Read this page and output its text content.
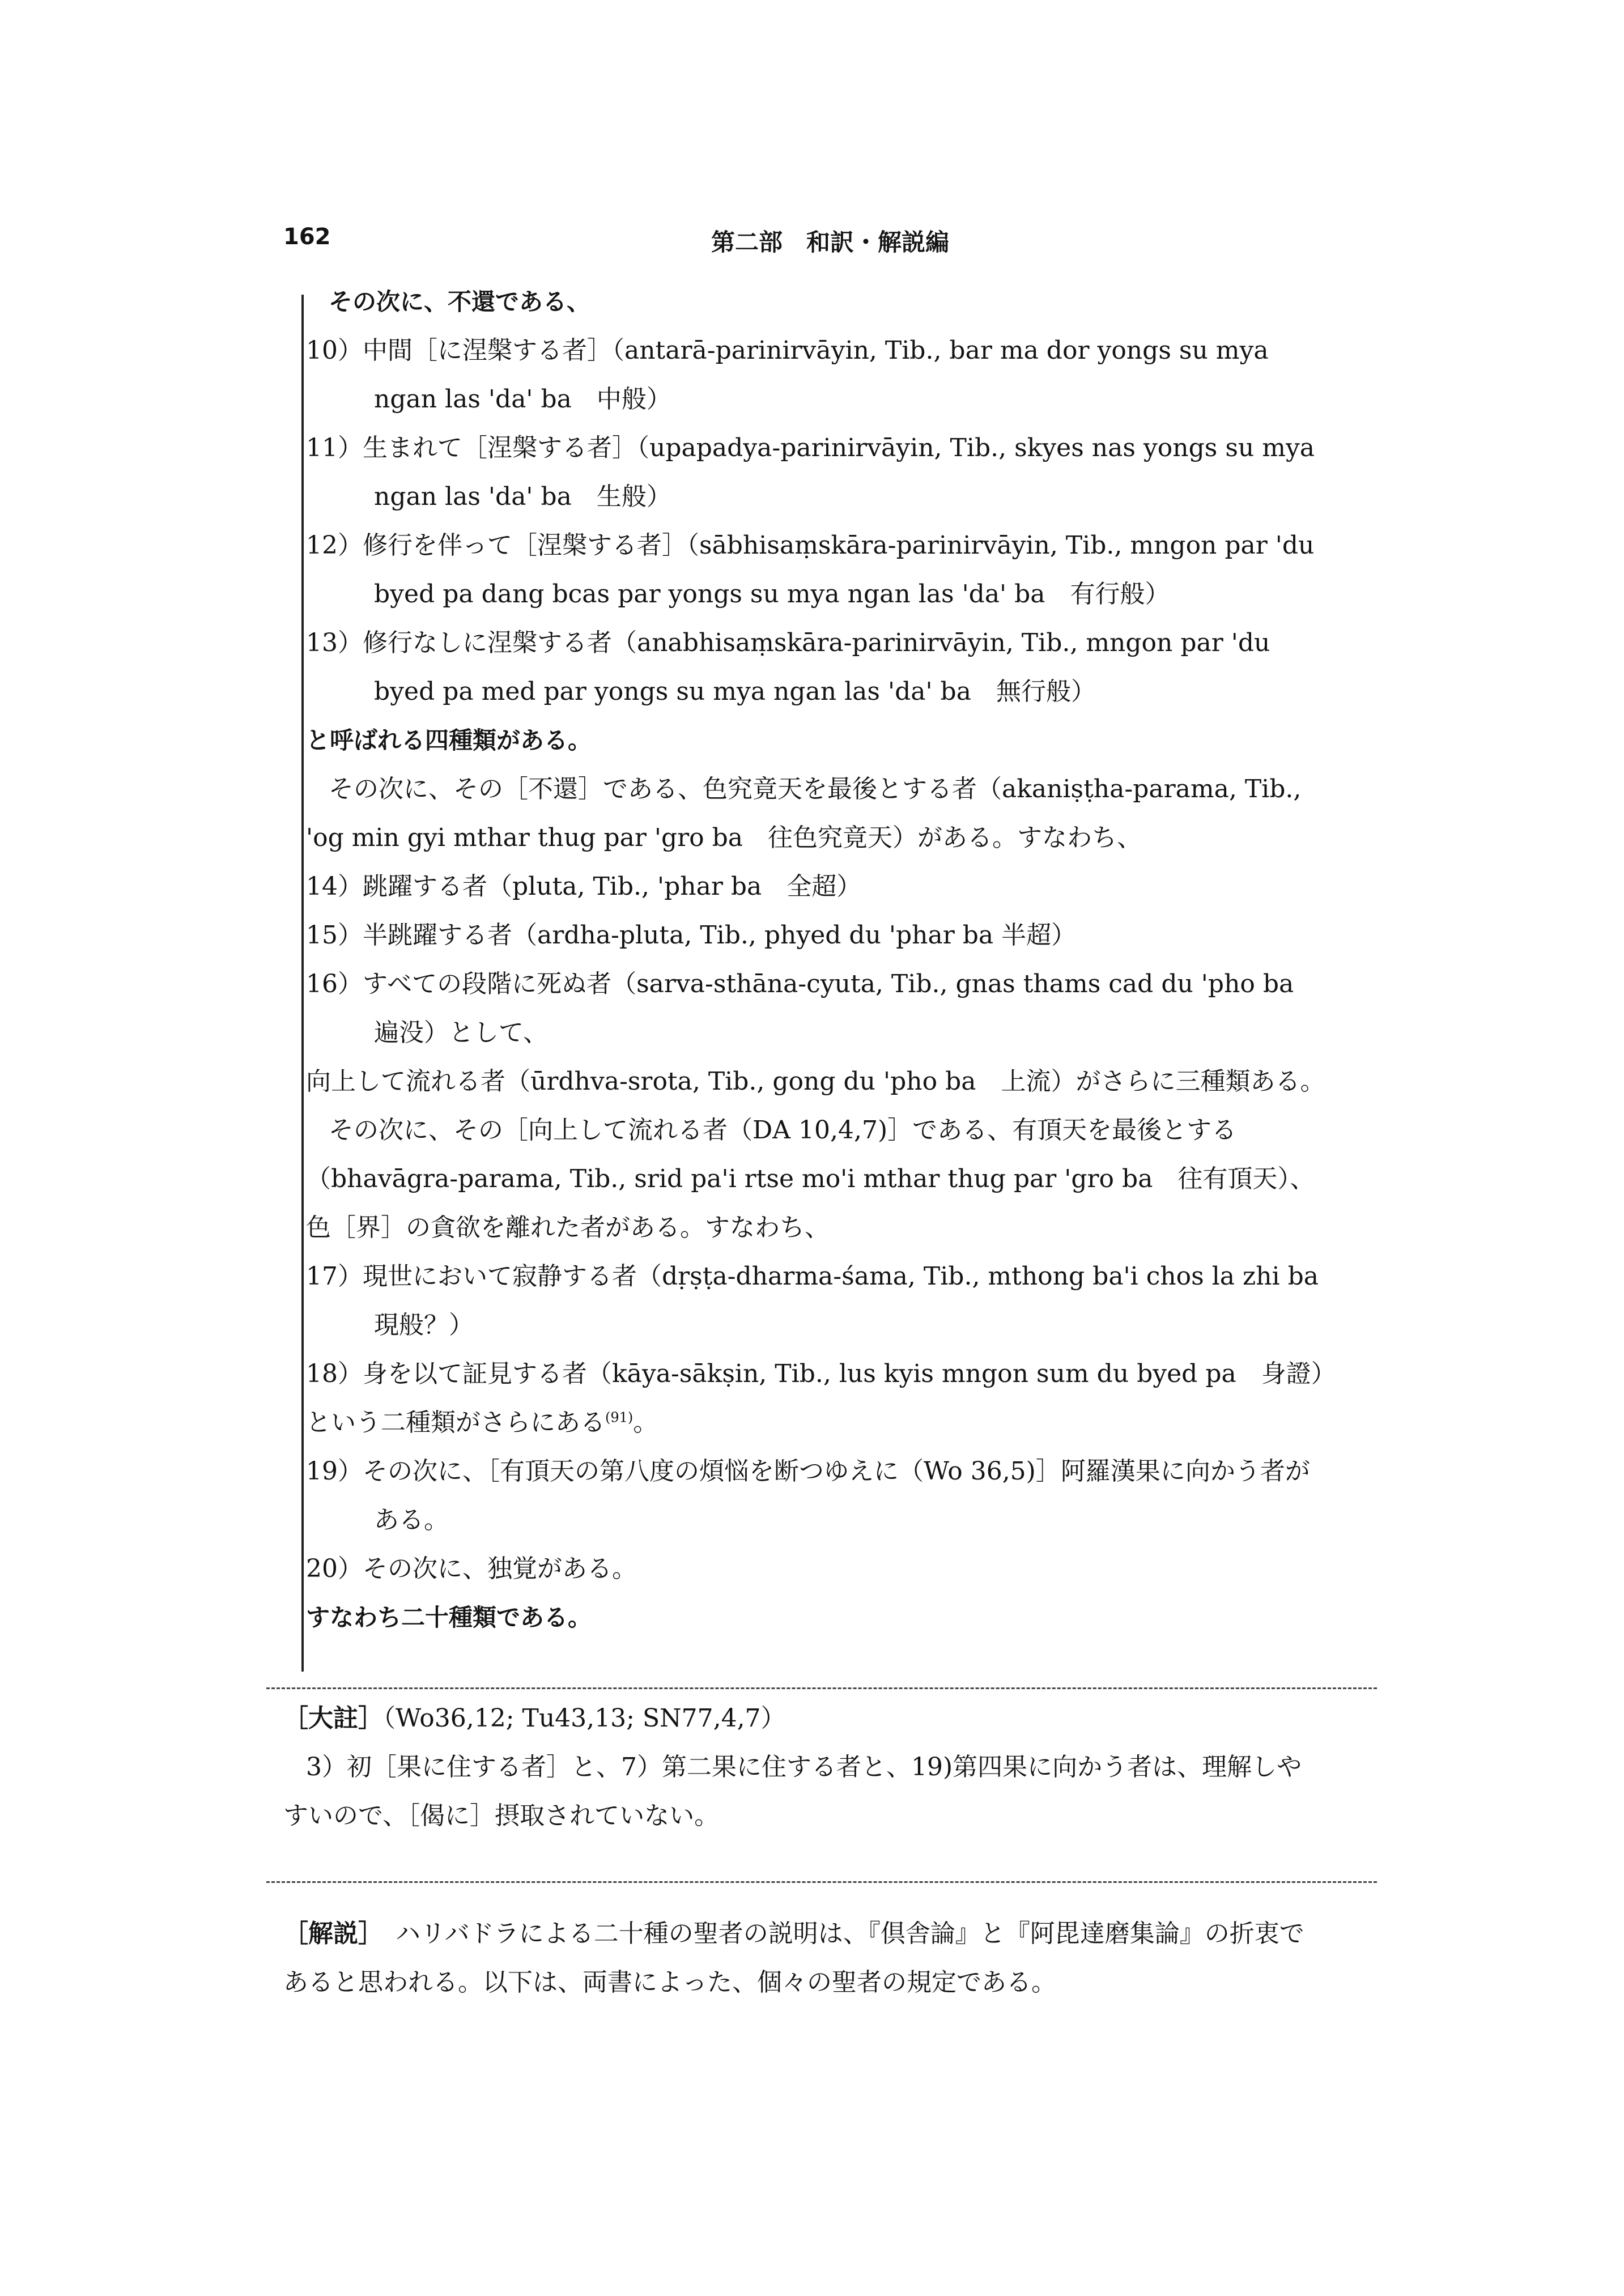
162	第二部　和訳・解説編
その次に、不還である、
10）中間［に涅槃する者］（antarā-parinirvāyin, Tib., bar ma dor yongs su mya
ngan las 'da' ba　中般）
11）生まれて［涅槃する者］（upapadya-parinirvāyin, Tib., skyes nas yongs su mya
ngan las 'da' ba　生般）
12）修行を伴って［涅槃する者］（sābhisaṃskāra-parinirvāyin, Tib., mngon par 'du
byed pa dang bcas par yongs su mya ngan las 'da' ba　有行般）
13）修行なしに涅槃する者（anabhisaṃskāra-parinirvāyin, Tib., mngon par 'du
byed pa med par yongs su mya ngan las 'da' ba　無行般）
と呼ばれる四種類がある。
その次に、その［不還］である、色究竟天を最後とする者（akaniṣṭha-parama, Tib.,
'og min gyi mthar thug par 'gro ba　往色究竟天）がある。すなわち、
14）跳躍する者（pluta, Tib., 'phar ba　全超）
15）半跳躍する者（ardha-pluta, Tib., phyed du 'phar ba 半超）
16）すべての段階に死ぬ者（sarva-sthāna-cyuta, Tib., gnas thams cad du 'pho ba
遍没）として、
向上して流れる者（ūrdhva-srota, Tib., gong du 'pho ba　上流）がさらに三種類ある。
その次に、その［向上して流れる者（DA 10,4,7)］である、有頂天を最後とする
（bhavāgra-parama, Tib., srid pa'i rtse mo'i mthar thug par 'gro ba　往有頂天）、
色［界］の貪欲を離れた者がある。すなわち、
17）現世において寂静する者（dṛṣṭa-dharma-śama, Tib., mthong ba'i chos la zhi ba
現般？）
18）身を以て証見する者（kāya-sākṣin, Tib., lus kyis mngon sum du byed pa　身證）
という二種類がさらにある$^{(91)}$。
19）その次に、［有頂天の第八度の煩悩を断つゆえに（Wo 36,5)］阿羅漢果に向かう者が
ある。
20）その次に、独覚がある。
すなわち二十種類である。
［大註］（Wo36,12; Tu43,13; SN77,4,7）
3）初［果に住する者］と、7）第二果に住する者と、19)第四果に向かう者は、理解しや
すいので、［偈に］摂取されていない。
［解説］　ハリバドラによる二十種の聖者の説明は、『倶舎論』と『阿毘達磨集論』の折衷で
あると思われる。以下は、両書によった、個々の聖者の規定である。
